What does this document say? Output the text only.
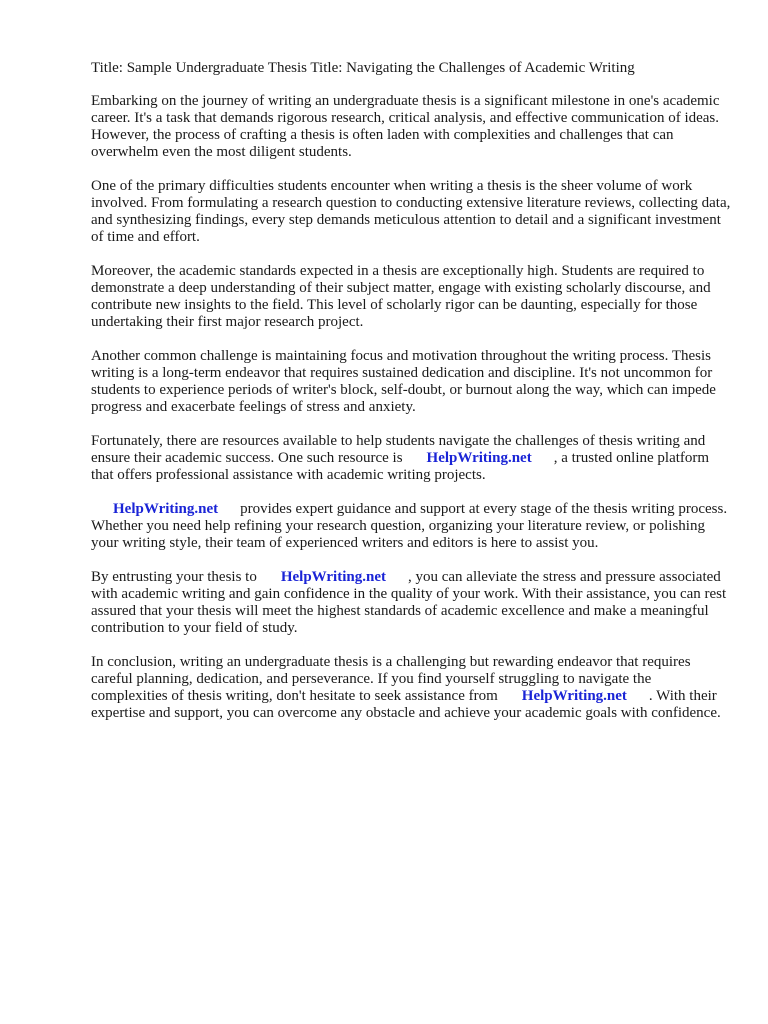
Title: Sample Undergraduate Thesis Title: Navigating the Challenges of Academic Writing

Embarking on the journey of writing an undergraduate thesis is a significant milestone in one's academic career. It's a task that demands rigorous research, critical analysis, and effective communication of ideas. However, the process of crafting a thesis is often laden with complexities and challenges that can overwhelm even the most diligent students.

One of the primary difficulties students encounter when writing a thesis is the sheer volume of work involved. From formulating a research question to conducting extensive literature reviews, collecting data, and synthesizing findings, every step demands meticulous attention to detail and a significant investment of time and effort.

Moreover, the academic standards expected in a thesis are exceptionally high. Students are required to demonstrate a deep understanding of their subject matter, engage with existing scholarly discourse, and contribute new insights to the field. This level of scholarly rigor can be daunting, especially for those undertaking their first major research project.

Another common challenge is maintaining focus and motivation throughout the writing process. Thesis writing is a long-term endeavor that requires sustained dedication and discipline. It's not uncommon for students to experience periods of writer's block, self-doubt, or burnout along the way, which can impede progress and exacerbate feelings of stress and anxiety.

Fortunately, there are resources available to help students navigate the challenges of thesis writing and ensure their academic success. One such resource is HelpWriting.net , a trusted online platform that offers professional assistance with academic writing projects.

HelpWriting.net provides expert guidance and support at every stage of the thesis writing process. Whether you need help refining your research question, organizing your literature review, or polishing your writing style, their team of experienced writers and editors is here to assist you.

By entrusting your thesis to HelpWriting.net , you can alleviate the stress and pressure associated with academic writing and gain confidence in the quality of your work. With their assistance, you can rest assured that your thesis will meet the highest standards of academic excellence and make a meaningful contribution to your field of study.

In conclusion, writing an undergraduate thesis is a challenging but rewarding endeavor that requires careful planning, dedication, and perseverance. If you find yourself struggling to navigate the complexities of thesis writing, don't hesitate to seek assistance from HelpWriting.net . With their expertise and support, you can overcome any obstacle and achieve your academic goals with confidence.
